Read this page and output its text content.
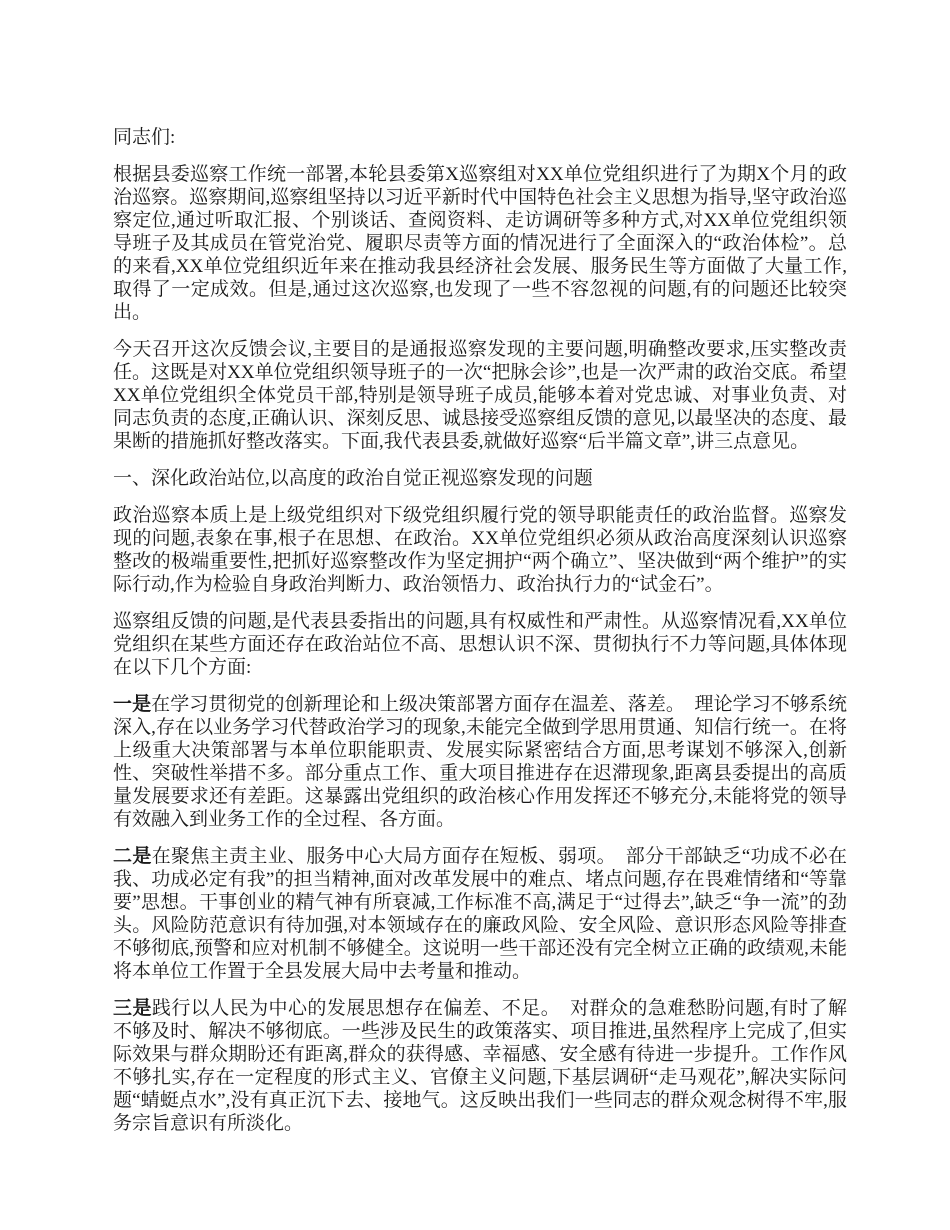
同志们:

根据县委巡察工作统一部署,本轮县委第X巡察组对XX单位党组织进行了为期X个月的政治巡察。巡察期间,巡察组坚持以习近平新时代中国特色社会主义思想为指导,坚守政治巡察定位,通过听取汇报、个别谈话、查阅资料、走访调研等多种方式,对XX单位党组织领导班子及其成员在管党治党、履职尽责等方面的情况进行了全面深入的“政治体检”。总的来看,XX单位党组织近年来在推动我县经济社会发展、服务民生等方面做了大量工作,取得了一定成效。但是,通过这次巡察,也发现了一些不容忽视的问题,有的问题还比较突出。

今天召开这次反馈会议,主要目的是通报巡察发现的主要问题,明确整改要求,压实整改责任。这既是对XX单位党组织领导班子的一次“把脉会诊”,也是一次严肃的政治交底。希望XX单位党组织全体党员干部,特别是领导班子成员,能够本着对党忠诚、对事业负责、对同志负责的态度,正确认识、深刻反思、诚恳接受巡察组反馈的意见,以最坚决的态度、最果断的措施抓好整改落实。下面,我代表县委,就做好巡察“后半篇文章”,讲三点意见。

一、深化政治站位,以高度的政治自觉正视巡察发现的问题

政治巡察本质上是上级党组织对下级党组织履行党的领导职能责任的政治监督。巡察发现的问题,表象在事,根子在思想、在政治。XX单位党组织必须从政治高度深刻认识巡察整改的极端重要性,把抓好巡察整改作为坚定拥护“两个确立”、坚决做到“两个维护”的实际行动,作为检验自身政治判断力、政治领悟力、政治执行力的“试金石”。

巡察组反馈的问题,是代表县委指出的问题,具有权威性和严肃性。从巡察情况看,XX单位党组织在某些方面还存在政治站位不高、思想认识不深、贯彻执行不力等问题,具体体现在以下几个方面:

一是在学习贯彻党的创新理论和上级决策部署方面存在温差、落差。　理论学习不够系统深入,存在以业务学习代替政治学习的现象,未能完全做到学思用贯通、知信行统一。在将上级重大决策部署与本单位职能职责、发展实际紧密结合方面,思考谋划不够深入,创新性、突破性举措不多。部分重点工作、重大项目推进存在迟滞现象,距离县委提出的高质量发展要求还有差距。这暴露出党组织的政治核心作用发挥还不够充分,未能将党的领导有效融入到业务工作的全过程、各方面。

二是在聚焦主责主业、服务中心大局方面存在短板、弱项。　部分干部缺乏“功成不必在我、功成必定有我”的担当精神,面对改革发展中的难点、堵点问题,存在畏难情绪和“等靠要”思想。干事创业的精气神有所衰减,工作标准不高,满足于“过得去”,缺乏“争一流”的劲头。风险防范意识有待加强,对本领域存在的廉政风险、安全风险、意识形态风险等排查不够彻底,预警和应对机制不够健全。这说明一些干部还没有完全树立正确的政绩观,未能将本单位工作置于全县发展大局中去考量和推动。

三是践行以人民为中心的发展思想存在偏差、不足。　对群众的急难愁盼问题,有时了解不够及时、解决不够彻底。一些涉及民生的政策落实、项目推进,虽然程序上完成了,但实际效果与群众期盼还有距离,群众的获得感、幸福感、安全感有待进一步提升。工作作风不够扎实,存在一定程度的形式主义、官僚主义问题,下基层调研“走马观花”,解决实际问题“蜻蜓点水”,没有真正沉下去、接地气。这反映出我们一些同志的群众观念树得不牢,服务宗旨意识有所淡化。
